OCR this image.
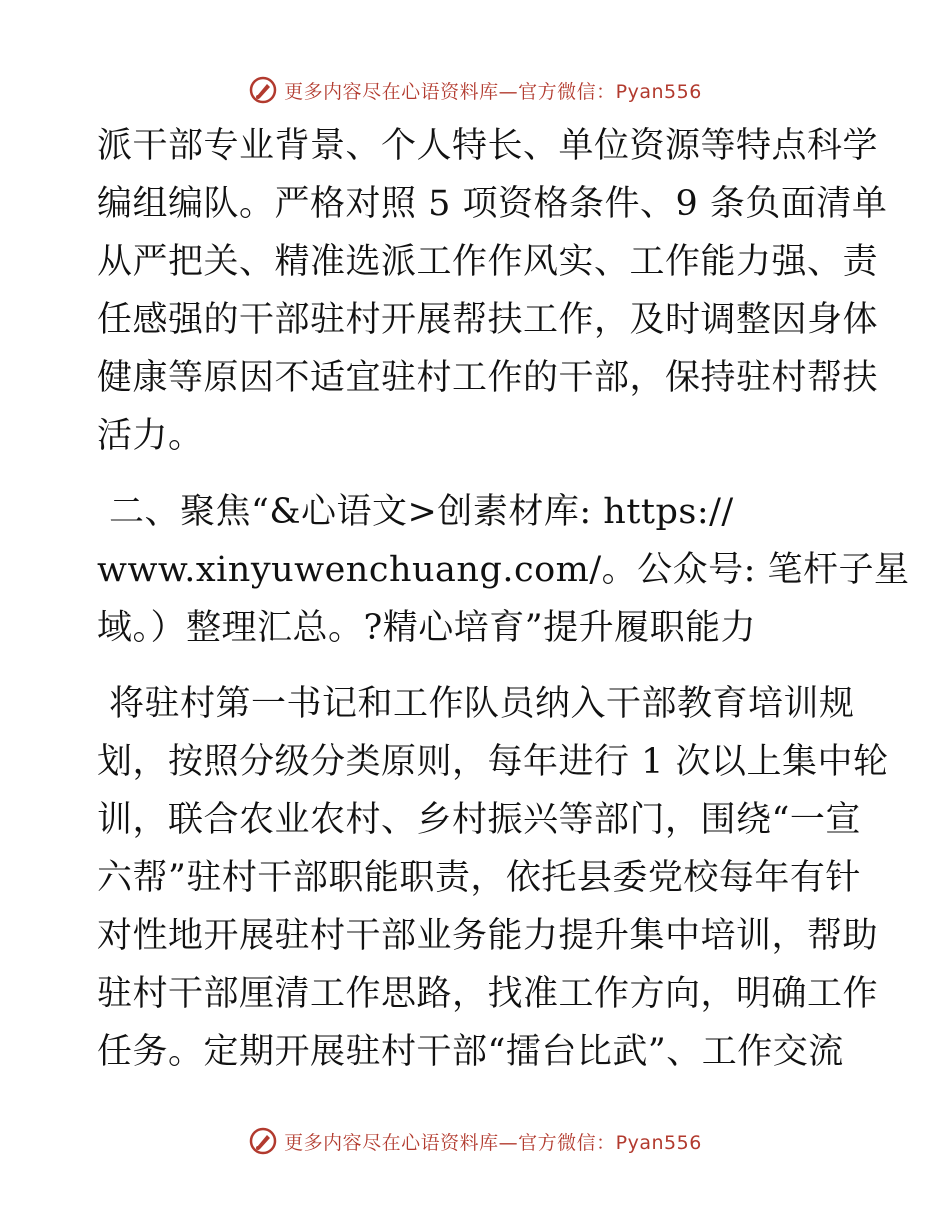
更多内容尽在心语资料库—官方微信：Pyan556
派干部专业背景、个人特长、单位资源等特点科学
编组编队。严格对照 5 项资格条件、9 条负面清单
从严把关、精准选派工作作风实、工作能力强、责
任感强的干部驻村开展帮扶工作，及时调整因身体
健康等原因不适宜驻村工作的干部，保持驻村帮扶
活力。
二、聚焦“&心语文>创素材库: https://
www.xinyuwenchuang.com/。公众号: 笔杆子星
域。）整理汇总。?精心培育”提升履职能力
将驻村第一书记和工作队员纳入干部教育培训规
划，按照分级分类原则，每年进行 1 次以上集中轮
训，联合农业农村、乡村振兴等部门，围绕“一宣
六帮”驻村干部职能职责，依托县委党校每年有针
对性地开展驻村干部业务能力提升集中培训，帮助
驻村干部厘清工作思路，找准工作方向，明确工作
任务。定期开展驻村干部“擂台比武”、工作交流
更多内容尽在心语资料库—官方微信：Pyan556
